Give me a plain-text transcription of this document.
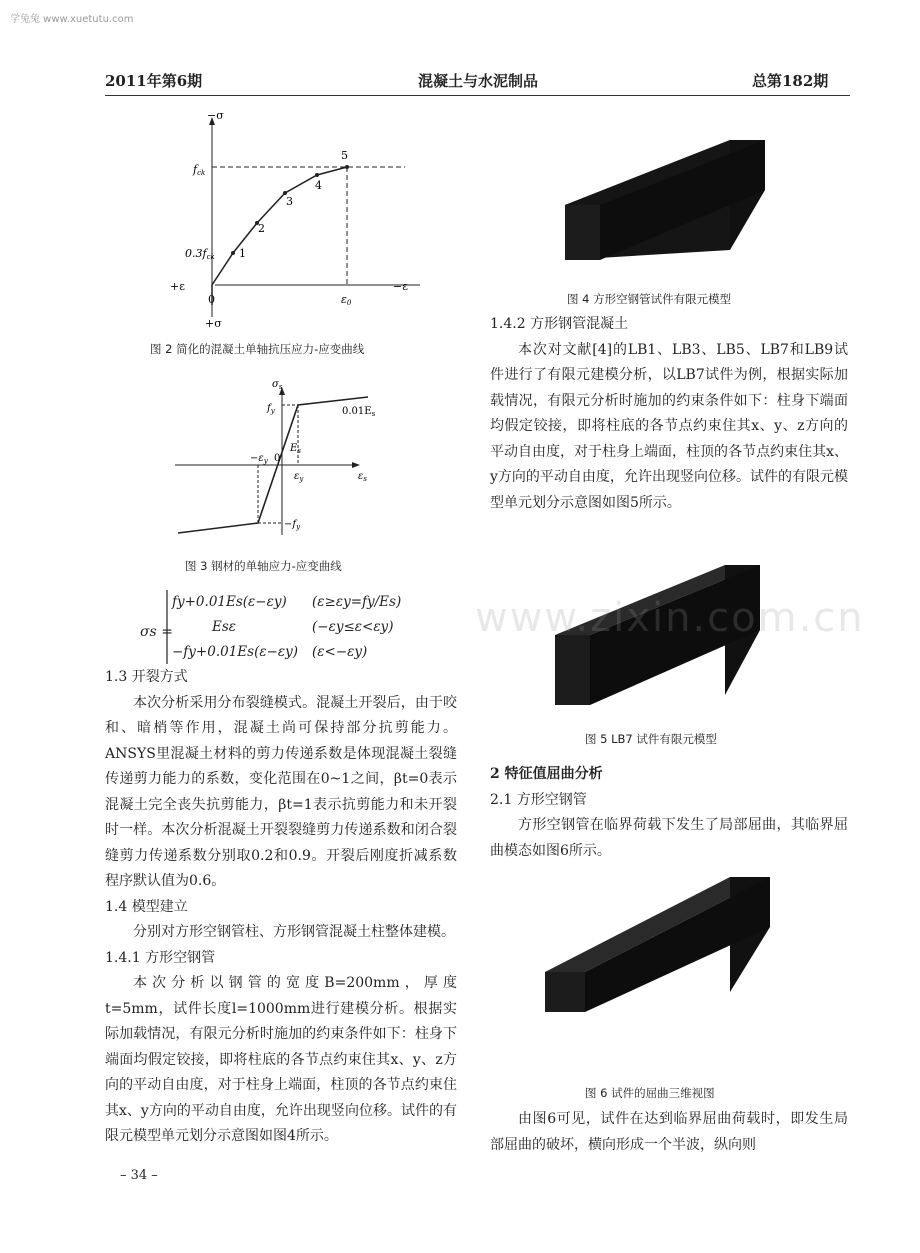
学兔兔 www.xuetutu.com
2011年第6期	混凝土与水泥制品	总第182期
−σ
fck
0.3fck 1
2
3
4
5
+ε	−ε
0	ε0
+σ
图 2 简化的混凝土单轴抗压应力-应变曲线
$\sigma_s$
$f_y$	$0.01E_s$
$E_s$
$-\varepsilon_y$ 0
$\varepsilon_y$	$\varepsilon_s$
$-f_y$
图 3 钢材的单轴应力-应变曲线
σs =
fy+0.01Es(ε−εy) (ε≥εy=fy/Es)
Esε	(−εy≤ε<εy)
−fy+0.01Es(ε−εy) (ε<−εy)

1.3 开裂方式

本次分析采用分布裂缝模式。混凝土开裂后，由于咬和、暗梢等作用，混凝土尚可保持部分抗剪能力。ANSYS里混凝土材料的剪力传递系数是体现混凝土裂缝传递剪力能力的系数，变化范围在0~1之间，βt=0表示混凝土完全丧失抗剪能力，βt=1表示抗剪能力和未开裂时一样。本次分析混凝土开裂裂缝剪力传递系数和闭合裂缝剪力传递系数分别取0.2和0.9。开裂后刚度折减系数程序默认值为0.6。

1.4 模型建立

分别对方形空钢管柱、方形钢管混凝土柱整体建模。

1.4.1 方形空钢管

本次分析以钢管的宽度B=200mm，厚度t=5mm，试件长度l=1000mm进行建模分析。根据实际加载情况，有限元分析时施加的约束条件如下：柱身下端面均假定铰接，即将柱底的各节点约束住其x、y、z方向的平动自由度，对于柱身上端面，柱顶的各节点约束住其x、y方向的平动自由度，允许出现竖向位移。试件的有限元模型单元划分示意图如图4所示。

– 34 –
图 4 方形空钢管试件有限元模型

1.4.2 方形钢管混凝土

本次对文献[4]的LB1、LB3、LB5、LB7和LB9试件进行了有限元建模分析，以LB7试件为例，根据实际加载情况，有限元分析时施加的约束条件如下：柱身下端面均假定铰接，即将柱底的各节点约束住其x、y、z方向的平动自由度，对于柱身上端面，柱顶的各节点约束住其x、y方向的平动自由度，允许出现竖向位移。试件的有限元模型单元划分示意图如图5所示。

图 5 LB7 试件有限元模型

2 特征值屈曲分析

2.1 方形空钢管

方形空钢管在临界荷载下发生了局部屈曲，其临界屈曲模态如图6所示。

图 6 试件的屈曲三维视图

由图6可见，试件在达到临界屈曲荷载时，即发生局部屈曲的破坏，横向形成一个半波，纵向则

www.zixin.com.cn
